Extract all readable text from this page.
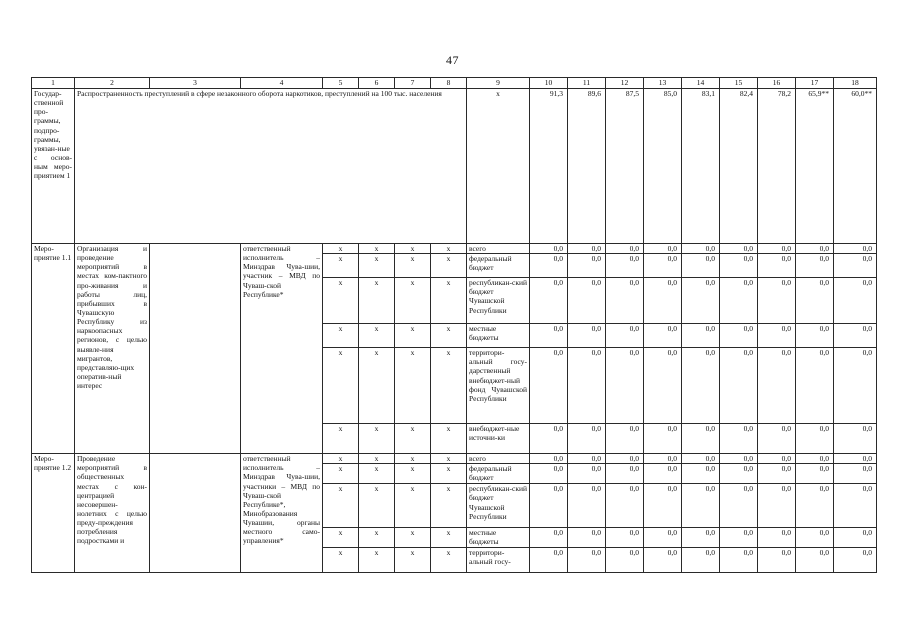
47
1	2	3	4	5	6	7	8	9	10	11	12	13	14	15	16	17	18
Государ-ственной про-граммы, подпро-граммы, увязан-ные с основ-ным меро-приятием 1	Распространенность преступлений в сфере незаконного оборота наркотиков, преступлений на 100 тыс. населения							x	91,3	89,6	87,5	85,0	83,1	82,4	78,2	65,9**	60,0**
Меро-приятие 1.1	Организация и проведение мероприятий в местах ком-пактного про-живания и работы лиц, прибывших в Чувашскую Республику из наркоопасных регионов, с целью выявле-ния мигрантов, представляю-щих оператив-ный интерес		ответственный исполнитель – Минздрав Чува-шии, участник – МВД по Чуваш-ской Республике*	x	x	x	x	всего	0,0	0,0	0,0	0,0	0,0	0,0	0,0	0,0	0,0
				x	x	x	x	федеральный бюджет	0,0	0,0	0,0	0,0	0,0	0,0	0,0	0,0	0,0
				x	x	x	x	республикан-ский бюджет Чувашской Республики	0,0	0,0	0,0	0,0	0,0	0,0	0,0	0,0	0,0
				x	x	x	x	местные бюджеты	0,0	0,0	0,0	0,0	0,0	0,0	0,0	0,0	0,0
				x	x	x	x	территори-альный госу-дарственный внебюджет-ный фонд Чувашской Республики	0,0	0,0	0,0	0,0	0,0	0,0	0,0	0,0	0,0
				x	x	x	x	внебюджет-ные источни-ки	0,0	0,0	0,0	0,0	0,0	0,0	0,0	0,0	0,0
Меро-приятие 1.2	Проведение мероприятий в общественных местах с кон-центрацией несовершен-нолетних с целью преду-преждения потребления подростками и		ответственный исполнитель – Минздрав Чува-шии, участники – МВД по Чуваш-ской Республике*, Минобразования Чувашии, органы местного само-управления*	x	x	x	x	всего	0,0	0,0	0,0	0,0	0,0	0,0	0,0	0,0	0,0
				x	x	x	x	федеральный бюджет	0,0	0,0	0,0	0,0	0,0	0,0	0,0	0,0	0,0
				x	x	x	x	республикан-ский бюджет Чувашской Республики	0,0	0,0	0,0	0,0	0,0	0,0	0,0	0,0	0,0
				x	x	x	x	местные бюджеты	0,0	0,0	0,0	0,0	0,0	0,0	0,0	0,0	0,0
				x	x	x	x	территори-альный госу-	0,0	0,0	0,0	0,0	0,0	0,0	0,0	0,0	0,0
